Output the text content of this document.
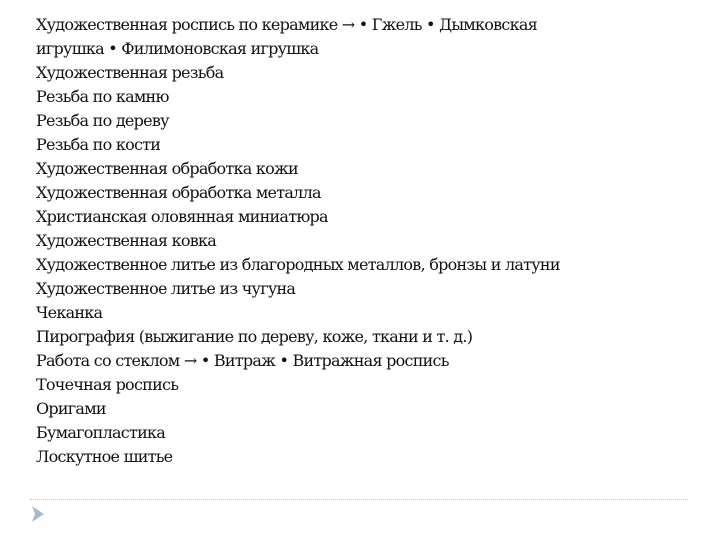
Художественная роспись по керамике → • Гжель • Дымковская
игрушка • Филимоновская игрушка
Художественная резьба
Резьба по камню
Резьба по дереву
Резьба по кости
Художественная обработка кожи
Художественная обработка металла
Христианская оловянная миниатюра
Художественная ковка
Художественное литье из благородных металлов, бронзы и латуни
Художественное литье из чугуна
Чеканка
Пирография (выжигание по дереву, коже, ткани и т. д.)
Работа со стеклом → • Витраж • Витражная роспись
Точечная роспись
Оригами
Бумагопластика
Лоскутное шитье
